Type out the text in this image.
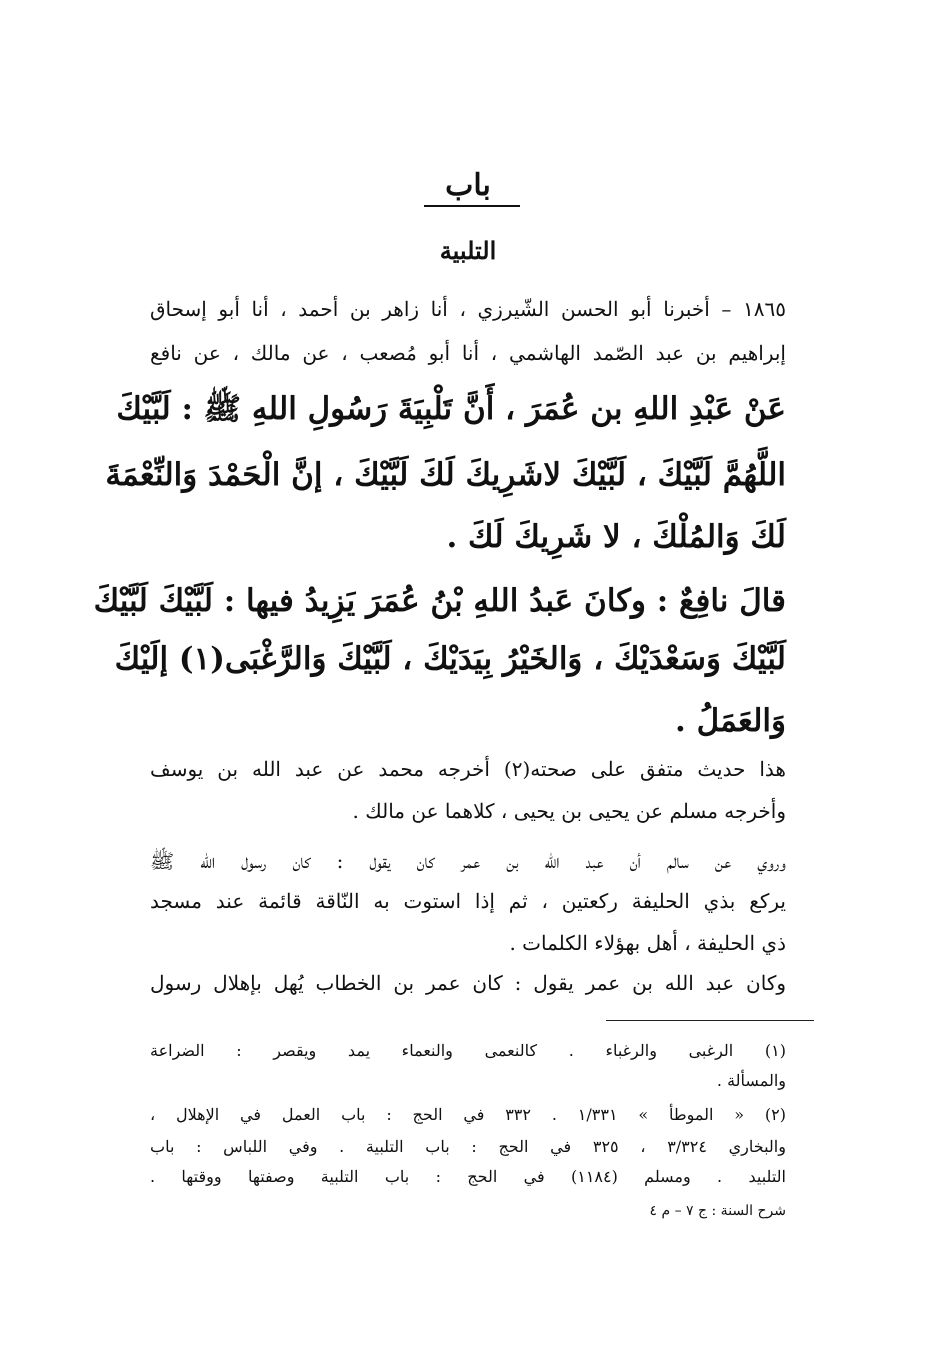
باب
التلبية
١٨٦٥ – أخبرنا أبو الحسن الشّيرزي ، أنا زاهر بن أحمد ، أنا أبو إسحاق
إبراهيم بن عبد الصّمد الهاشمي ، أنا أبو مُصعب ، عن مالك ، عن نافع
عَنْ عَبْدِ اللهِ بن عُمَرَ ، أَنَّ تَلْبِيَةَ رَسُولِ اللهِ ﷺ : لَبَّيْكَ
اللَّهُمَّ لَبَّيْكَ ، لَبَّيْكَ لاشَرِيكَ لَكَ لَبَّيْكَ ، إنَّ الْحَمْدَ وَالنِّعْمَةَ
لَكَ وَالمُلْكَ ، لا شَرِيكَ لَكَ .
قالَ نافِعٌ : وكانَ عَبدُ اللهِ بْنُ عُمَرَ يَزِيدُ فيها : لَبَّيْكَ لَبَّيْكَ
لَبَّيْكَ وَسَعْدَيْكَ ، وَالخَيْرُ بِيَدَيْكَ ، لَبَّيْكَ وَالرَّغْبَى(١) إلَيْكَ
وَالعَمَلُ .
هذا حديث متفق على صحته(٢) أخرجه محمد عن عبد الله بن يوسف
وأخرجه مسلم عن يحيى بن يحيى ، كلاهما عن مالك .
وروي عن سالم أن عبد الله بن عمر كان يقول : كان رسول الله ﷺ
يركع بذي الحليفة ركعتين ، ثم إذا استوت به النّاقة قائمة عند مسجد
ذي الحليفة ، أهل بهؤلاء الكلمات .
وكان عبد الله بن عمر يقول : كان عمر بن الخطاب يُهل بإهلال رسول
(١) الرغبى والرغباء . كالنعمى والنعماء يمد ويقصر : الضراعة
والمسألة .
(٢) « الموطأ » ١/٣٣١ . ٣٣٢ في الحج : باب العمل في الإهلال ،
والبخاري ٣/٣٢٤ ، ٣٢٥ في الحج : باب التلبية . وفي اللباس : باب
التلبيد . ومسلم (١١٨٤) في الحج : باب التلبية وصفتها ووقتها .
شرح السنة : ج ٧ – م ٤
